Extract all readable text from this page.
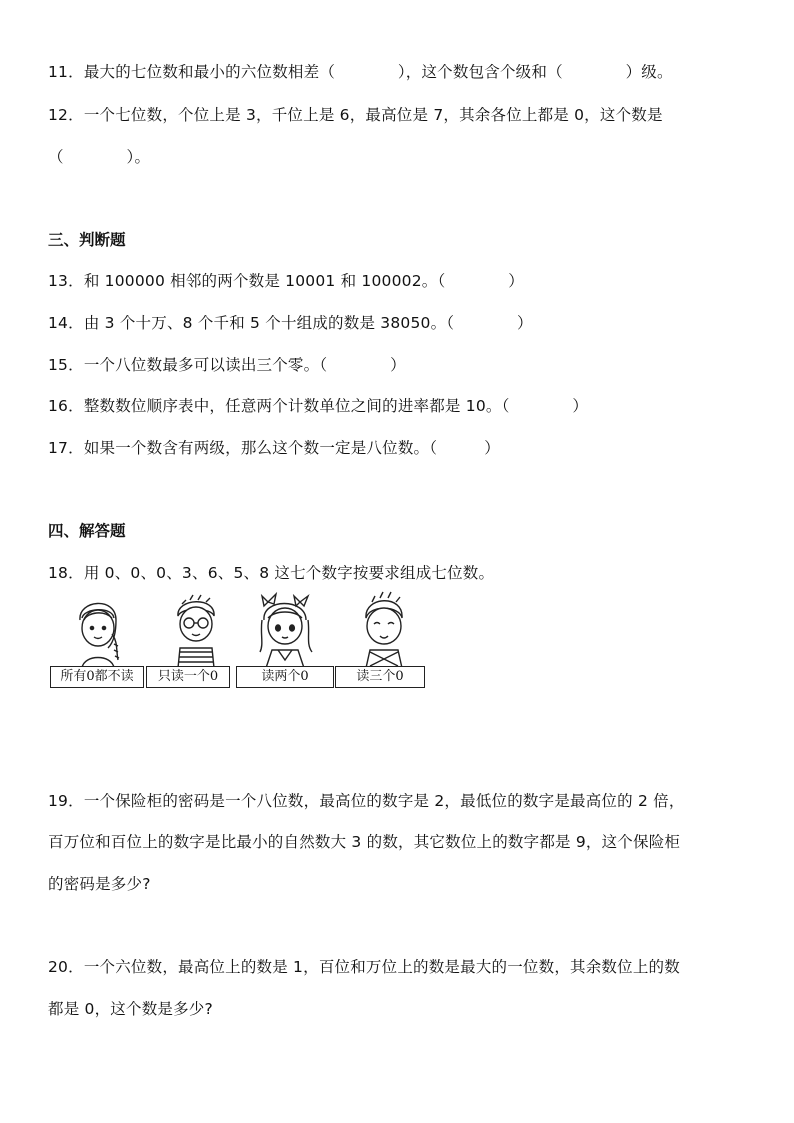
11．最大的七位数和最小的六位数相差（　　　　），这个数包含个级和（　　　　）级。
12．一个七位数，个位上是 3，千位上是 6，最高位是 7，其余各位上都是 0，这个数是
（　　　　）。
三、判断题
13．和 100000 相邻的两个数是 10001 和 100002。（　　　　）
14．由 3 个十万、8 个千和 5 个十组成的数是 38050。（　　　　）
15．一个八位数最多可以读出三个零。（　　　　）
16．整数数位顺序表中，任意两个计数单位之间的进率都是 10。（　　　　）
17．如果一个数含有两级，那么这个数一定是八位数。（　　　）
四、解答题
18．用 0、0、0、3、6、5、8 这七个数字按要求组成七位数。
所有0都不读	只读一个0	读两个0	读三个0
19．一个保险柜的密码是一个八位数，最高位的数字是 2，最低位的数字是最高位的 2 倍，
百万位和百位上的数字是比最小的自然数大 3 的数，其它数位上的数字都是 9，这个保险柜
的密码是多少?
20．一个六位数，最高位上的数是 1，百位和万位上的数是最大的一位数，其余数位上的数
都是 0，这个数是多少?
